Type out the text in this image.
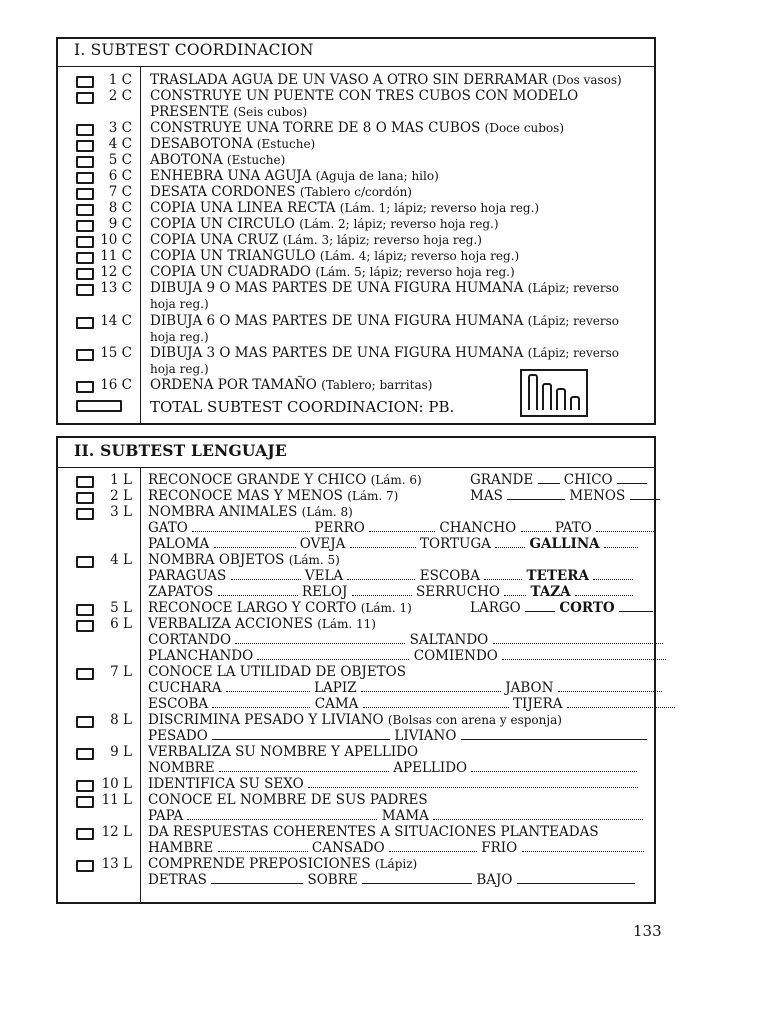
I. SUBTEST COORDINACION
1 C TRASLADA AGUA DE UN VASO A OTRO SIN DERRAMAR (Dos vasos)
2 C CONSTRUYE UN PUENTE CON TRES CUBOS CON MODELO
PRESENTE (Seis cubos)
3 C CONSTRUYE UNA TORRE DE 8 O MAS CUBOS (Doce cubos)
4 C DESABOTONA (Estuche)
5 C ABOTONA (Estuche)
6 C ENHEBRA UNA AGUJA (Aguja de lana; hilo)
7 C DESATA CORDONES (Tablero c/cordón)
8 C COPIA UNA LINEA RECTA (Lám. 1; lápiz; reverso hoja reg.)
9 C COPIA UN CIRCULO (Lám. 2; lápiz; reverso hoja reg.)
10 C COPIA UNA CRUZ (Lám. 3; lápiz; reverso hoja reg.)
11 C COPIA UN TRIANGULO (Lám. 4; lápiz; reverso hoja reg.)
12 C COPIA UN CUADRADO (Lám. 5; lápiz; reverso hoja reg.)
13 C DIBUJA 9 O MAS PARTES DE UNA FIGURA HUMANA (Lápiz; reverso
hoja reg.)
14 C DIBUJA 6 O MAS PARTES DE UNA FIGURA HUMANA (Lápiz; reverso
hoja reg.)
15 C DIBUJA 3 O MAS PARTES DE UNA FIGURA HUMANA (Lápiz; reverso
hoja reg.)
16 C ORDENA POR TAMAÑO (Tablero; barritas)
TOTAL SUBTEST COORDINACION: PB.
II. SUBTEST LENGUAJE
1 L RECONOCE GRANDE Y CHICO (Lám. 6)	GRANDE CHICO
2 L RECONOCE MAS Y MENOS (Lám. 7)	MAS	MENOS
3 L NOMBRA ANIMALES (Lám. 8)
GATO	PERRO	CHANCHO	PATO
PALOMA	OVEJA	TORTUGA	GALLINA
4 L NOMBRA OBJETOS (Lám. 5)
PARAGUAS	VELA	ESCOBA	TETERA
ZAPATOS	RELOJ	SERRUCHO TAZA
5 L RECONOCE LARGO Y CORTO (Lám. 1)	LARGO	CORTO
6 L VERBALIZA ACCIONES (Lám. 11)
CORTANDO	SALTANDO
PLANCHANDO	COMIENDO
7 L CONOCE LA UTILIDAD DE OBJETOS
CUCHARA	LAPIZ	JABON
ESCOBA	CAMA	TIJERA
8 L DISCRIMINA PESADO Y LIVIANO (Bolsas con arena y esponja)
PESADO	LIVIANO
9 L VERBALIZA SU NOMBRE Y APELLIDO
NOMBRE	APELLIDO
10 L IDENTIFICA SU SEXO
11 L CONOCE EL NOMBRE DE SUS PADRES
PAPA	MAMA
12 L DA RESPUESTAS COHERENTES A SITUACIONES PLANTEADAS
HAMBRE	CANSADO	FRIO
13 L COMPRENDE PREPOSICIONES (Lápiz)
DETRAS	SOBRE	BAJO
133
